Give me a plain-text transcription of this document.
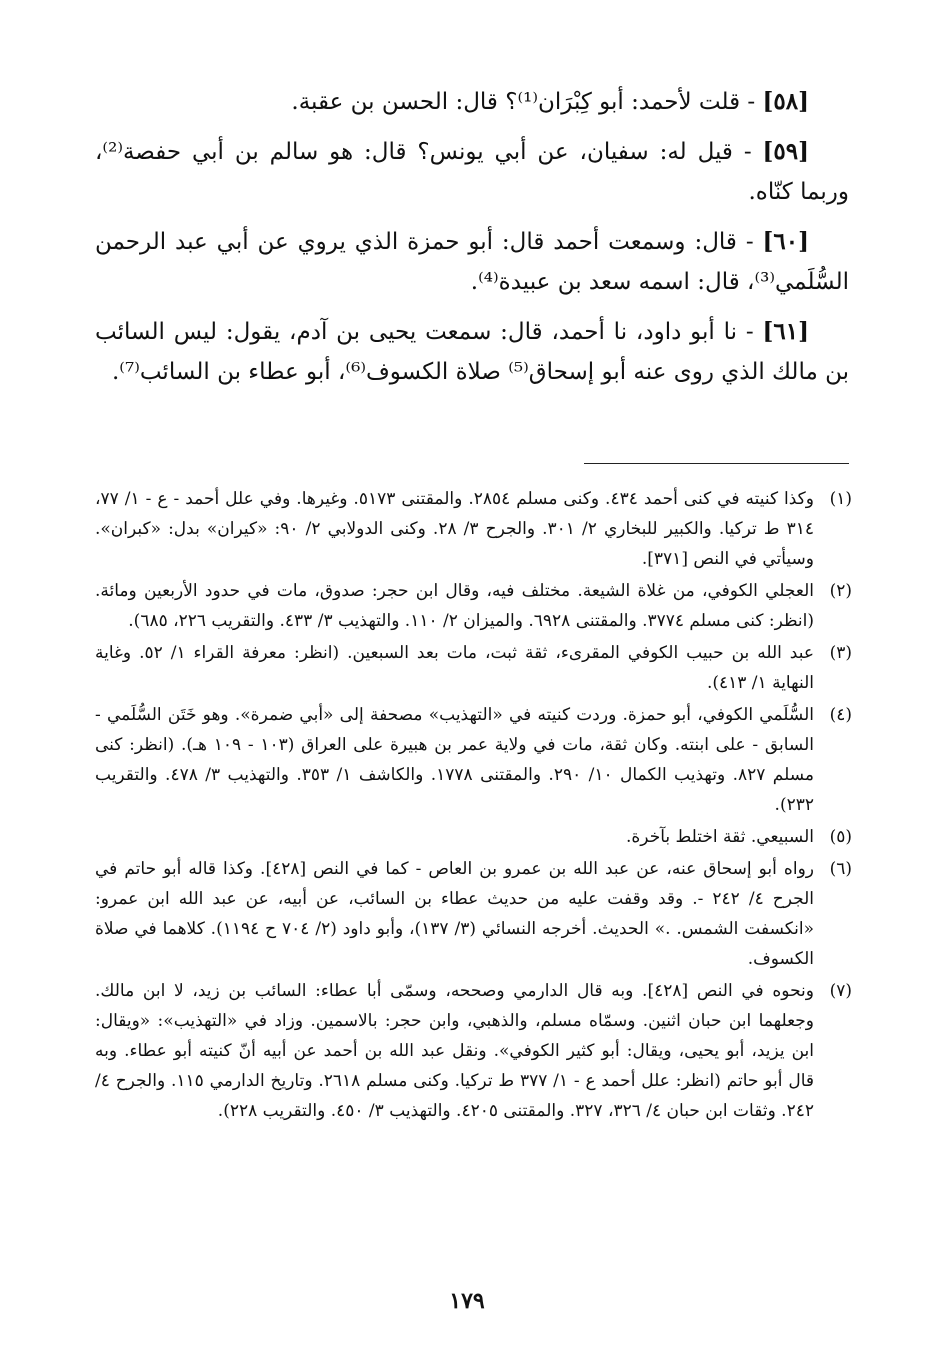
[٥٨] - قلت لأحمد: أبو كِبْرَان⁽¹⁾؟ قال: الحسن بن عقبة.

[٥٩] - قيل له: سفيان، عن أبي يونس؟ قال: هو سالم بن أبي حفصة⁽²⁾، وربما كنّاه.

[٦٠] - قال: وسمعت أحمد قال: أبو حمزة الذي يروي عن أبي عبد الرحمن السُّلَمي⁽³⁾، قال: اسمه سعد بن عبيدة⁽⁴⁾.

[٦١] - نا أبو داود، نا أحمد، قال: سمعت يحيى بن آدم، يقول: ليس السائب بن مالك الذي روى عنه أبو إسحاق⁽⁵⁾ صلاة الكسوف⁽⁶⁾، أبو عطاء بن السائب⁽⁷⁾.

(١)
وكذا كنيته في كنى أحمد ٤٣٤. وكنى مسلم ٢٨٥٤. والمقتنى ٥١٧٣. وغيرها. وفي علل أحمد - ع - ١/ ٧٧، ٣١٤ ط تركيا. والكبير للبخاري ٢/ ٣٠١. والجرح ٣/ ٢٨. وكنى الدولابي ٢/ ٩٠: «كيران» بدل: «كبران». وسيأتي في النص [٣٧١].
(٢)
العجلي الكوفي، من غلاة الشيعة. مختلف فيه، وقال ابن حجر: صدوق، مات في حدود الأربعين ومائة. (انظر: كنى مسلم ٣٧٧٤. والمقتنى ٦٩٢٨. والميزان ٢/ ١١٠. والتهذيب ٣/ ٤٣٣. والتقريب ٢٢٦، ٦٨٥).
(٣)
عبد الله بن حبيب الكوفي المقرىء، ثقة ثبت، مات بعد السبعين. (انظر: معرفة القراء ١/ ٥٢. وغاية النهاية ١/ ٤١٣).
(٤)
السُّلَمي الكوفي، أبو حمزة. وردت كنيته في «التهذيب» مصحفة إلى «أبي ضمرة». وهو خَتَن السُّلَمي - السابق - على ابنته. وكان ثقة، مات في ولاية عمر بن هبيرة على العراق (١٠٣ - ١٠٩ هـ). (انظر: كنى مسلم ٨٢٧. وتهذيب الكمال ١٠/ ٢٩٠. والمقتنى ١٧٧٨. والكاشف ١/ ٣٥٣. والتهذيب ٣/ ٤٧٨. والتقريب ٢٣٢).
(٥)
السبيعي. ثقة اختلط بآخرة.
(٦)
رواه أبو إسحاق عنه، عن عبد الله بن عمرو بن العاص - كما في النص [٤٢٨]. وكذا قاله أبو حاتم في الجرح ٤/ ٢٤٢ -. وقد وقفت عليه من حديث عطاء بن السائب، عن أبيه، عن عبد الله ابن عمرو: «انكسفت الشمس. .» الحديث. أخرجه النسائي (٣/ ١٣٧)، وأبو داود (٢/ ٧٠٤ ح ١١٩٤). كلاهما في صلاة الكسوف.
(٧)
ونحوه في النص [٤٢٨]. وبه قال الدارمي وصححه، وسمّى أبا عطاء: السائب بن زيد، لا ابن مالك. وجعلهما ابن حبان اثنين. وسمّاه مسلم، والذهبي، وابن حجر: بالاسمين. وزاد في «التهذيب»: «ويقال: ابن يزيد، أبو يحيى، ويقال: أبو كثير الكوفي». ونقل عبد الله بن أحمد عن أبيه أنّ كنيته أبو عطاء. وبه قال أبو حاتم (انظر: علل أحمد ع - ١/ ٣٧٧ ط تركيا. وكنى مسلم ٢٦١٨. وتاريخ الدارمي ١١٥. والجرح ٤/ ٢٤٢. وثقات ابن حبان ٤/ ٣٢٦، ٣٢٧. والمقتنى ٤٢٠٥. والتهذيب ٣/ ٤٥٠. والتقريب ٢٢٨).
١٧٩
